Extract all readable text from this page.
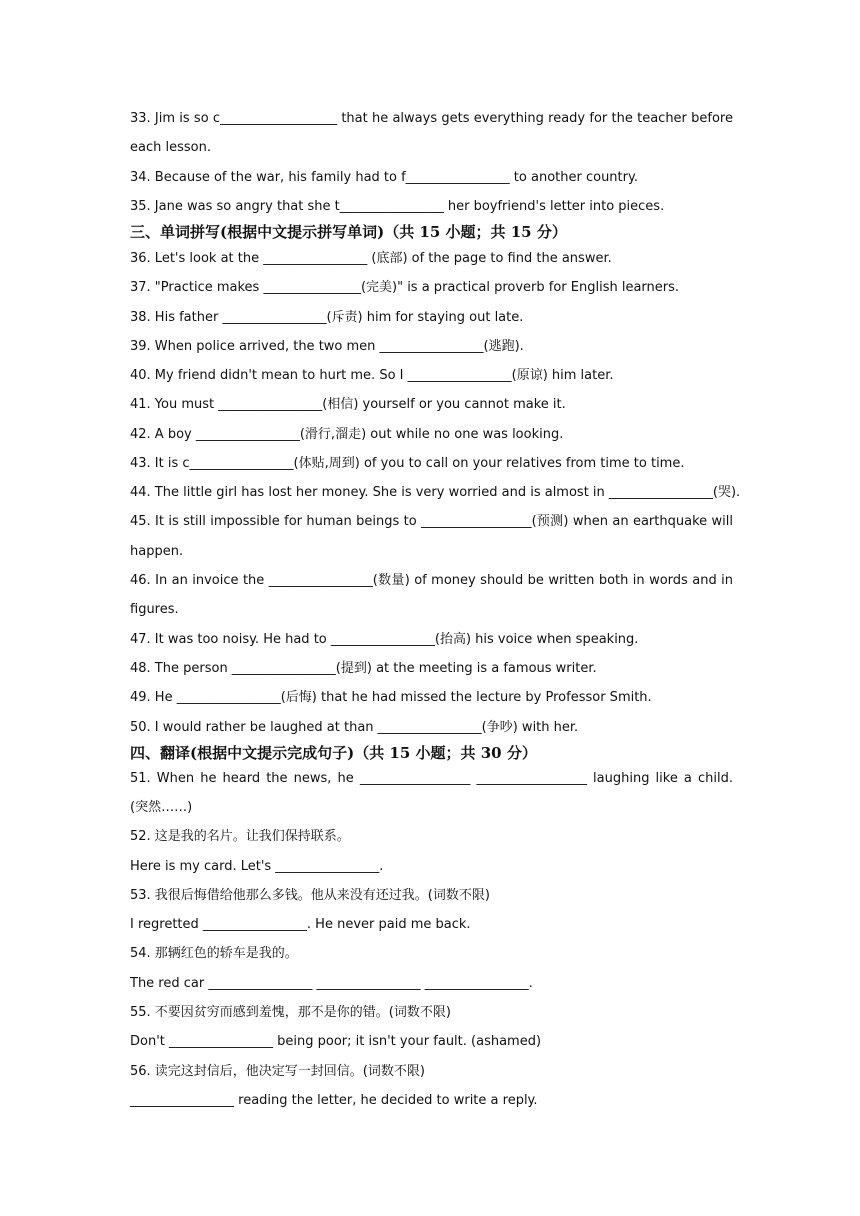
33. Jim is so c__________________ that he always gets everything ready for the teacher before
each lesson.
34. Because of the war, his family had to f________________ to another country.
35. Jane was so angry that she t________________ her boyfriend's letter into pieces.
三、单词拼写(根据中文提示拼写单词)（共 15 小题；共 15 分）
36. Let's look at the ________________ (底部) of the page to find the answer.
37. "Practice makes _______________(完美)" is a practical proverb for English learners.
38. His father ________________(斥责) him for staying out late.
39. When police arrived, the two men ________________(逃跑).
40. My friend didn't mean to hurt me. So I ________________(原谅) him later.
41. You must ________________(相信) yourself or you cannot make it.
42. A boy ________________(滑行,溜走) out while no one was looking.
43. It is c________________(体贴,周到) of you to call on your relatives from time to time.
44. The little girl has lost her money. She is very worried and is almost in ________________(哭).
45. It is still impossible for human beings to _________________(预测) when an earthquake will
happen.
46. In an invoice the ________________(数量) of money should be written both in words and in
figures.
47. It was too noisy. He had to ________________(抬高) his voice when speaking.
48. The person ________________(提到) at the meeting is a famous writer.
49. He ________________(后悔) that he had missed the lecture by Professor Smith.
50. I would rather be laughed at than ________________(争吵) with her.
四、翻译(根据中文提示完成句子)（共 15 小题；共 30 分）
51. When he heard the news, he _________________ _________________ laughing like a child.
(突然……)
52. 这是我的名片。让我们保持联系。
Here is my card. Let's ________________.
53. 我很后悔借给他那么多钱。他从来没有还过我。(词数不限)
I regretted ________________. He never paid me back.
54. 那辆红色的轿车是我的。
The red car ________________ ________________ ________________.
55. 不要因贫穷而感到羞愧，那不是你的错。(词数不限)
Don't ________________ being poor; it isn't your fault. (ashamed)
56. 读完这封信后，他决定写一封回信。(词数不限)
________________ reading the letter, he decided to write a reply.
